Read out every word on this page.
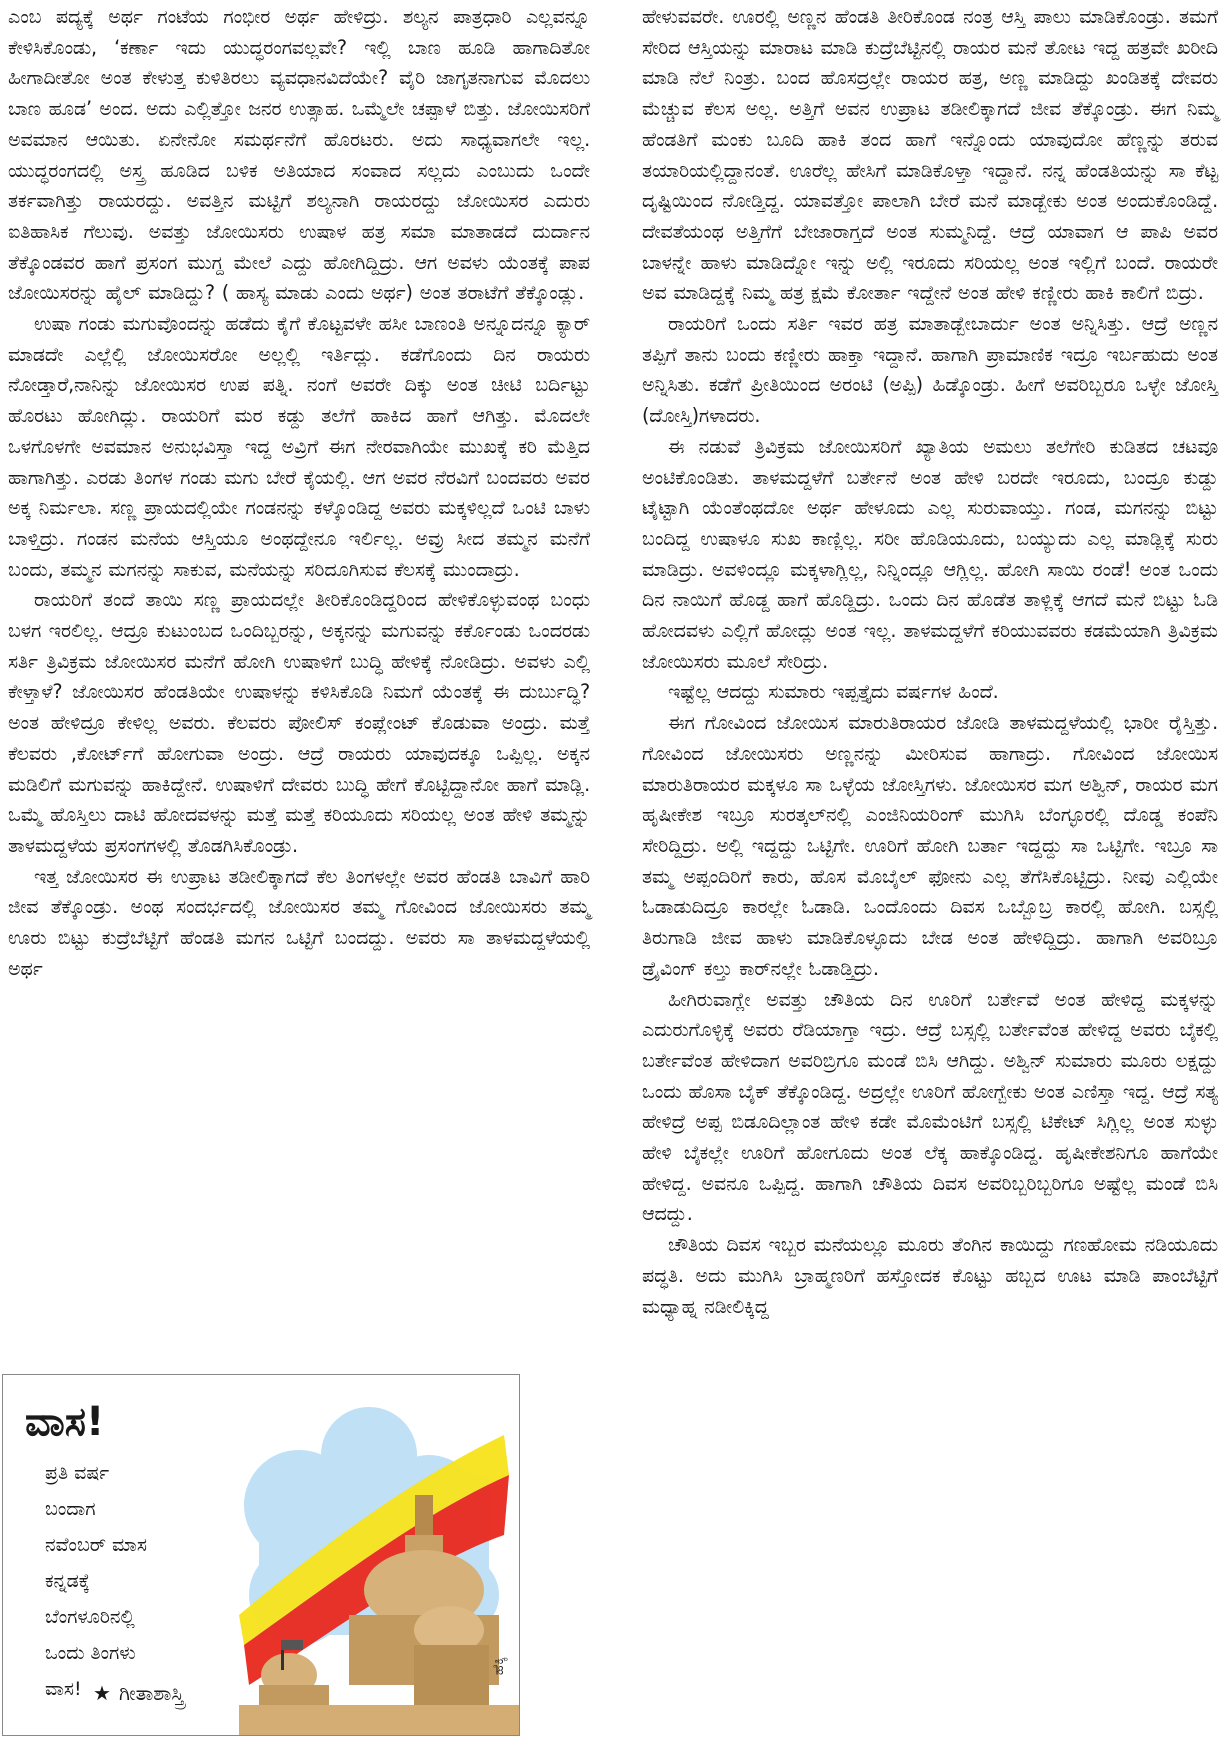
ಎಂಬ ಪದ್ಯಕ್ಕೆ ಅರ್ಥ ಗಂಟೆಯ ಗಂಭೀರ ಅರ್ಥ ಹೇಳಿದ್ರು. ಶಲ್ಯನ ಪಾತ್ರಧಾರಿ ಎಲ್ಲವನ್ನೂ ಕೇಳಿಸಿಕೊಂಡು, ‘ಕರ್ಣಾ ಇದು ಯುದ್ಧರಂಗವಲ್ಲವೇ? ಇಲ್ಲಿ ಬಾಣ ಹೂಡಿ ಹಾಗಾದಿತೋ ಹೀಗಾದೀತೋ ಅಂತ ಕೇಳುತ್ತ ಕುಳಿತಿರಲು ವ್ಯವಧಾನವಿದೆಯೇ? ವೈರಿ ಜಾಗೃತನಾಗುವ ಮೊದಲು ಬಾಣ ಹೂಡ’ ಅಂದ. ಅದು ಎಲ್ಲಿತ್ತೋ ಜನರ ಉತ್ಸಾಹ. ಒಮ್ಮೆಲೇ ಚಪ್ಪಾಳೆ ಬಿತ್ತು. ಜೋಯಿಸರಿಗೆ ಅವಮಾನ ಆಯಿತು. ಏನೇನೋ ಸಮರ್ಥನೆಗೆ ಹೊರಟರು. ಅದು ಸಾಧ್ಯವಾಗಲೇ ಇಲ್ಲ. ಯುದ್ಧರಂಗದಲ್ಲಿ ಅಸ್ತ್ರ ಹೂಡಿದ ಬಳಿಕ ಅತಿಯಾದ ಸಂವಾದ ಸಲ್ಲದು ಎಂಬುದು ಒಂದೇ ತರ್ಕವಾಗಿತ್ತು ರಾಯರದ್ದು. ಅವತ್ತಿನ ಮಟ್ಟಿಗೆ ಶಲ್ಯನಾಗಿ ರಾಯರದ್ದು ಜೋಯಿಸರ ಎದುರು ಐತಿಹಾಸಿಕ ಗೆಲುವು. ಅವತ್ತು ಜೋಯಿಸರು ಉಷಾಳ ಹತ್ರ ಸಮಾ ಮಾತಾಡದೆ ದುರ್ದಾನ ತೆಕ್ಕೊಂಡವರ ಹಾಗೆ ಪ್ರಸಂಗ ಮುಗ್ದ ಮೇಲೆ ಎದ್ದು ಹೋಗಿದ್ದಿದ್ರು. ಆಗ ಅವಳು ಯೆಂತಕ್ಕೆ ಪಾಪ ಜೋಯಿಸರನ್ನು ಹೈಲ್ ಮಾಡಿದ್ದು? ( ಹಾಸ್ಯ ಮಾಡು ಎಂದು ಅರ್ಥ) ಅಂತ ತರಾಟೆಗೆ ತೆಕ್ಕೊಂಡ್ಲು.

ಉಷಾ ಗಂಡು ಮಗುವೊಂದನ್ನು ಹಡೆದು ಕೈಗೆ ಕೊಟ್ಟವಳೇ ಹಸೀ ಬಾಣಂತಿ ಅನ್ನೂದನ್ನೂ ಕ್ಯಾರ್ ಮಾಡದೇ ಎಲ್ಲೆಲ್ಲಿ ಜೋಯಿಸರೋ ಅಲ್ಲಲ್ಲಿ ಇರ್ತಿದ್ಲು. ಕಡೆಗೊಂದು ದಿನ ರಾಯರು ನೋಡ್ತಾರೆ,ನಾನಿನ್ನು ಜೋಯಿಸರ ಉಪ ಪತ್ನಿ. ನಂಗೆ ಅವರೇ ದಿಕ್ಕು ಅಂತ ಚೀಟಿ ಬರ್ದಿಟ್ಟು ಹೊರಟು ಹೋಗಿದ್ಲು. ರಾಯರಿಗೆ ಮರ ಕಡ್ದು ತಲೆಗೆ ಹಾಕಿದ ಹಾಗೆ ಆಗಿತ್ತು. ಮೊದಲೇ ಒಳಗೊಳಗೇ ಅವಮಾನ ಅನುಭವಿಸ್ತಾ ಇದ್ದ ಅವ್ರಿಗೆ ಈಗ ನೇರವಾಗಿಯೇ ಮುಖಕ್ಕೆ ಕರಿ ಮೆತ್ತಿದ ಹಾಗಾಗಿತ್ತು. ಎರಡು ತಿಂಗಳ ಗಂಡು ಮಗು ಬೇರೆ ಕೈಯಲ್ಲಿ. ಆಗ ಅವರ ನೆರವಿಗೆ ಬಂದವರು ಅವರ ಅಕ್ಕ ನಿರ್ಮಲಾ. ಸಣ್ಣ ಪ್ರಾಯದಲ್ಲಿಯೇ ಗಂಡನನ್ನು ಕಳ್ಕೊಂಡಿದ್ದ ಅವರು ಮಕ್ಕಳಿಲ್ಲದೆ ಒಂಟಿ ಬಾಳು ಬಾಳ್ತಿದ್ರು. ಗಂಡನ ಮನೆಯ ಆಸ್ತಿಯೂ ಅಂಥದ್ದೇನೂ ಇರ್ಲಿಲ್ಲ. ಅವ್ರು ಸೀದ ತಮ್ಮನ ಮನೆಗೆ ಬಂದು, ತಮ್ಮನ ಮಗನನ್ನು ಸಾಕುವ, ಮನೆಯನ್ನು ಸರಿದೂಗಿಸುವ ಕೆಲಸಕ್ಕೆ ಮುಂದಾದ್ರು.

ರಾಯರಿಗೆ ತಂದೆ ತಾಯಿ ಸಣ್ಣ ಪ್ರಾಯದಲ್ಲೇ ತೀರಿಕೊಂಡಿದ್ದರಿಂದ ಹೇಳಿಕೊಳ್ಳುವಂಥ ಬಂಧು ಬಳಗ ಇರಲಿಲ್ಲ. ಆದ್ರೂ ಕುಟುಂಬದ ಒಂದಿಬ್ಬರನ್ನು, ಅಕ್ಕನನ್ನು ಮಗುವನ್ನು ಕರ್ಕೊಂಡು ಒಂದರಡು ಸರ್ತಿ ತ್ರಿವಿಕ್ರಮ ಜೋಯಿಸರ ಮನೆಗೆ ಹೋಗಿ ಉಷಾಳಿಗೆ ಬುದ್ಧಿ ಹೇಳಿಕ್ಕೆ ನೋಡಿದ್ರು. ಅವಳು ಎಲ್ಲಿ ಕೇಳ್ತಾಳೆ? ಜೋಯಿಸರ ಹೆಂಡತಿಯೇ ಉಷಾಳನ್ನು ಕಳಿಸಿಕೊಡಿ ನಿಮಗೆ ಯೆಂತಕ್ಕೆ ಈ ದುರ್ಬುದ್ಧಿ? ಅಂತ ಹೇಳಿದ್ರೂ ಕೇಳಿಲ್ಲ ಅವರು. ಕೆಲವರು ಪೋಲಿಸ್ ಕಂಪ್ಲೇಂಟ್ ಕೊಡುವಾ ಅಂದ್ರು. ಮತ್ತೆ ಕೆಲವರು ,ಕೋರ್ಟ್‌ಗೆ ಹೋಗುವಾ ಅಂದ್ರು. ಆದ್ರೆ ರಾಯರು ಯಾವುದಕ್ಕೂ ಒಪ್ಪಿಲ್ಲ. ಅಕ್ಕನ ಮಡಿಲಿಗೆ ಮಗುವನ್ನು ಹಾಕಿದ್ದೇನೆ. ಉಷಾಳಿಗೆ ದೇವರು ಬುದ್ಧಿ ಹೇಗೆ ಕೊಟ್ಟಿದ್ದಾನೋ ಹಾಗೆ ಮಾಡ್ಲಿ. ಒಮ್ಮೆ ಹೊಸ್ತಿಲು ದಾಟಿ ಹೋದವಳನ್ನು ಮತ್ತೆ ಮತ್ತೆ ಕರಿಯೂದು ಸರಿಯಲ್ಲ ಅಂತ ಹೇಳಿ ತಮ್ಮನ್ನು ತಾಳಮದ್ದಳೆಯ ಪ್ರಸಂಗಗಳಲ್ಲಿ ತೊಡಗಿಸಿಕೊಂಡ್ರು.

ಇತ್ತ ಜೋಯಿಸರ ಈ ಉಪ್ರಾಟ ತಡೀಲಿಕ್ಕಾಗದೆ ಕೆಲ ತಿಂಗಳಲ್ಲೇ ಅವರ ಹೆಂಡತಿ ಬಾವಿಗೆ ಹಾರಿ ಜೀವ ತೆಕ್ಕೊಂಡ್ರು. ಅಂಥ ಸಂದರ್ಭದಲ್ಲಿ ಜೋಯಿಸರ ತಮ್ಮ ಗೋವಿಂದ ಜೋಯಿಸರು ತಮ್ಮ ಊರು ಬಿಟ್ಟು ಕುದ್ರೆಬೆಟ್ಟಿಗೆ ಹೆಂಡತಿ ಮಗನ ಒಟ್ಟಿಗೆ ಬಂದದ್ದು. ಅವರು ಸಾ ತಾಳಮದ್ದಳೆಯಲ್ಲಿ ಅರ್ಥ

ವಾಸ!
ಪ್ರತಿ ವರ್ಷ
ಬಂದಾಗ
ನವೆಂಬರ್ ಮಾಸ
ಕನ್ನಡಕ್ಕೆ
ಬೆಂಗಳೂರಿನಲ್ಲಿ
ಒಂದು ತಿಂಗಳು
ವಾಸ! ★ ಗೀತಾಶಾಸ್ತ್ರಿ
ಹೆಕ್ಕಿ

ಹೇಳುವವರೇ. ಊರಲ್ಲಿ ಅಣ್ಣನ ಹೆಂಡತಿ ತೀರಿಕೊಂಡ ನಂತ್ರ ಆಸ್ತಿ ಪಾಲು ಮಾಡಿಕೊಂಡ್ರು. ತಮಗೆ ಸೇರಿದ ಆಸ್ತಿಯನ್ನು ಮಾರಾಟ ಮಾಡಿ ಕುದ್ರೆಬೆಟ್ಟಿನಲ್ಲಿ ರಾಯರ ಮನೆ ತೋಟ ಇದ್ದ ಹತ್ರವೇ ಖರೀದಿ ಮಾಡಿ ನೆಲೆ ನಿಂತ್ರು. ಬಂದ ಹೊಸದ್ರಲ್ಲೇ ರಾಯರ ಹತ್ರ, ಅಣ್ಣ ಮಾಡಿದ್ದು ಖಂಡಿತಕ್ಕೆ ದೇವರು ಮೆಚ್ಚುವ ಕೆಲಸ ಅಲ್ಲ. ಅತ್ತಿಗೆ ಅವನ ಉಪ್ರಾಟ ತಡೀಲಿಕ್ಕಾಗದೆ ಜೀವ ತೆಕ್ಕೊಂಡ್ರು. ಈಗ ನಿಮ್ಮ ಹೆಂಡತಿಗೆ ಮಂಕು ಬೂದಿ ಹಾಕಿ ತಂದ ಹಾಗೆ ಇನ್ನೊಂದು ಯಾವುದೋ ಹೆಣ್ಣನ್ನು ತರುವ ತಯಾರಿಯಲ್ಲಿದ್ದಾನಂತೆ. ಊರೆಲ್ಲ ಹೇಸಿಗೆ ಮಾಡಿಕೊಳ್ತಾ ಇದ್ದಾನೆ. ನನ್ನ ಹೆಂಡತಿಯನ್ನು ಸಾ ಕೆಟ್ಟ ದೃಷ್ಟಿಯಿಂದ ನೋಡ್ತಿದ್ದ. ಯಾವತ್ತೋ ಪಾಲಾಗಿ ಬೇರೆ ಮನೆ ಮಾಡ್ಬೇಕು ಅಂತ ಅಂದುಕೊಂಡಿದ್ದೆ. ದೇವತೆಯಂಥ ಅತ್ತಿಗೆಗೆ ಬೇಜಾರಾಗ್ತದೆ ಅಂತ ಸುಮ್ಮನಿದ್ದೆ. ಆದ್ರೆ ಯಾವಾಗ ಆ ಪಾಪಿ ಅವರ ಬಾಳನ್ನೇ ಹಾಳು ಮಾಡಿದ್ನೋ ಇನ್ನು ಅಲ್ಲಿ ಇರೂದು ಸರಿಯಲ್ಲ ಅಂತ ಇಲ್ಲಿಗೆ ಬಂದೆ. ರಾಯರೇ ಅವ ಮಾಡಿದ್ದಕ್ಕೆ ನಿಮ್ಮ ಹತ್ರ ಕ್ಷಮೆ ಕೋರ್ತಾ ಇದ್ದೇನೆ ಅಂತ ಹೇಳಿ ಕಣ್ಣೀರು ಹಾಕಿ ಕಾಲಿಗೆ ಬಿದ್ರು.

ರಾಯರಿಗೆ ಒಂದು ಸರ್ತಿ ಇವರ ಹತ್ರ ಮಾತಾಡ್ಬೇಬಾರ್ದು ಅಂತ ಅನ್ನಿಸಿತ್ತು. ಆದ್ರೆ ಅಣ್ಣನ ತಪ್ಪಿಗೆ ತಾನು ಬಂದು ಕಣ್ಣೀರು ಹಾಕ್ತಾ ಇದ್ದಾನೆ. ಹಾಗಾಗಿ ಪ್ರಾಮಾಣಿಕ ಇದ್ರೂ ಇರ್ಬಹುದು ಅಂತ ಅನ್ನಿಸಿತು. ಕಡೆಗೆ ಪ್ರೀತಿಯಿಂದ ಅರಂಟಿ (ಅಪ್ಪಿ) ಹಿಡ್ಕೊಂಡ್ರು. ಹೀಗೆ ಅವರಿಬ್ಬರೂ ಒಳ್ಳೇ ಜೋಸ್ತಿ (ದೋಸ್ತಿ)ಗಳಾದರು.

ಈ ನಡುವೆ ತ್ರಿವಿಕ್ರಮ ಜೋಯಿಸರಿಗೆ ಖ್ಯಾತಿಯ ಅಮಲು ತಲೆಗೇರಿ ಕುಡಿತದ ಚಟವೂ ಅಂಟಿಕೊಂಡಿತು. ತಾಳಮದ್ದಳೆಗೆ ಬರ್ತೇನೆ ಅಂತ ಹೇಳಿ ಬರದೇ ಇರೂದು, ಬಂದ್ರೂ ಕುಡ್ದು ಟೈಟ್ಟಾಗಿ ಯೆಂತೆಂಥದೋ ಅರ್ಥ ಹೇಳೂದು ಎಲ್ಲ ಸುರುವಾಯ್ತು. ಗಂಡ, ಮಗನನ್ನು ಬಿಟ್ಟು ಬಂದಿದ್ದ ಉಷಾಳೂ ಸುಖ ಕಾಣ್ಲಿಲ್ಲ. ಸರೀ ಹೊಡಿಯೂದು, ಬಯ್ಯುದು ಎಲ್ಲ ಮಾಡ್ಲಿಕ್ಕೆ ಸುರು ಮಾಡಿದ್ರು. ಅವಳಿಂದ್ಲೂ ಮಕ್ಕಳಾಗ್ಲಿಲ್ಲ, ನಿನ್ನಿಂದ್ಲೂ ಆಗ್ಲಿಲ್ಲ. ಹೋಗಿ ಸಾಯಿ ರಂಡೆ! ಅಂತ ಒಂದು ದಿನ ನಾಯಿಗೆ ಹೊಡ್ದ ಹಾಗೆ ಹೊಡ್ದಿದ್ರು. ಒಂದು ದಿನ ಹೊಡೆತ ತಾಳ್ಲಿಕ್ಕೆ ಆಗದೆ ಮನೆ ಬಿಟ್ಟು ಓಡಿ ಹೋದವಳು ಎಲ್ಲಿಗೆ ಹೋದ್ಲು ಅಂತ ಇಲ್ಲ. ತಾಳಮದ್ದಳೆಗೆ ಕರಿಯುವವರು ಕಡಮೆಯಾಗಿ ತ್ರಿವಿಕ್ರಮ ಜೋಯಿಸರು ಮೂಲೆ ಸೇರಿದ್ರು.

ಇಷ್ಟೆಲ್ಲ ಆದದ್ದು ಸುಮಾರು ಇಪ್ಪತ್ತೈದು ವರ್ಷಗಳ ಹಿಂದೆ.

ಈಗ ಗೋವಿಂದ ಜೋಯಿಸ ಮಾರುತಿರಾಯರ ಜೋಡಿ ತಾಳಮದ್ದಳೆಯಲ್ಲಿ ಭಾರೀ ರೈಸ್ತಿತ್ತು. ಗೋವಿಂದ ಜೋಯಿಸರು ಅಣ್ಣನನ್ನು ಮೀರಿಸುವ ಹಾಗಾದ್ರು. ಗೋವಿಂದ ಜೋಯಿಸ ಮಾರುತಿರಾಯರ ಮಕ್ಕಳೂ ಸಾ ಒಳ್ಳೆಯ ಜೋಸ್ತಿಗಳು. ಜೋಯಿಸರ ಮಗ ಅಶ್ವಿನ್, ರಾಯರ ಮಗ ಹೃಷೀಕೇಶ ಇಬ್ರೂ ಸುರತ್ಕಲ್‌ನಲ್ಲಿ ಎಂಜಿನಿಯರಿಂಗ್ ಮುಗಿಸಿ ಬೆಂಗ್ಳೂರಲ್ಲಿ ದೊಡ್ಡ ಕಂಪೆನಿ ಸೇರಿದ್ದಿದ್ರು. ಅಲ್ಲಿ ಇದ್ದದ್ದು ಒಟ್ಟಿಗೇ. ಊರಿಗೆ ಹೋಗಿ ಬರ್ತಾ ಇದ್ದದ್ದು ಸಾ ಒಟ್ಟಿಗೇ. ಇಬ್ರೂ ಸಾ ತಮ್ಮ ಅಪ್ಪಂದಿರಿಗೆ ಕಾರು, ಹೊಸ ಮೊಬೈಲ್ ಫೋನು ಎಲ್ಲ ತೆಗೆಸಿಕೊಟ್ಟಿದ್ರು. ನೀವು ಎಲ್ಲಿಯೇ ಓಡಾಡುದಿದ್ರೂ ಕಾರಲ್ಲೇ ಓಡಾಡಿ. ಒಂದೊಂದು ದಿವಸ ಒಬ್ಬೊಬ್ರ ಕಾರಲ್ಲಿ ಹೋಗಿ. ಬಸ್ಸಲ್ಲಿ ತಿರುಗಾಡಿ ಜೀವ ಹಾಳು ಮಾಡಿಕೊಳ್ಳೂದು ಬೇಡ ಅಂತ ಹೇಳಿದ್ದಿದ್ರು. ಹಾಗಾಗಿ ಅವರಿಬ್ರೂ ಡ್ರೈವಿಂಗ್ ಕಲ್ತು ಕಾರ್‌ನಲ್ಲೇ ಓಡಾಡ್ತಿದ್ರು.

ಹೀಗಿರುವಾಗ್ಲೇ ಅವತ್ತು ಚೌತಿಯ ದಿನ ಊರಿಗೆ ಬರ್ತೇವೆ ಅಂತ ಹೇಳಿದ್ದ ಮಕ್ಕಳನ್ನು ಎದುರುಗೊಳ್ಳಿಕ್ಕೆ ಅವರು ರೆಡಿಯಾಗ್ತಾ ಇದ್ರು. ಆದ್ರೆ ಬಸ್ಸಲ್ಲಿ ಬರ್ತೇವೆಂತ ಹೇಳಿದ್ದ ಅವರು ಬೈಕಲ್ಲಿ ಬರ್ತೇವೆಂತ ಹೇಳಿದಾಗ ಅವರಿಬ್ರಿಗೂ ಮಂಡೆ ಬಿಸಿ ಆಗಿದ್ದು. ಅಶ್ವಿನ್ ಸುಮಾರು ಮೂರು ಲಕ್ಷದ್ದು ಒಂದು ಹೊಸಾ ಬೈಕ್ ತೆಕ್ಕೊಂಡಿದ್ದ. ಅದ್ರಲ್ಲೇ ಊರಿಗೆ ಹೋಗ್ಬೇಕು ಅಂತ ಎಣಿಸ್ತಾ ಇದ್ದ. ಆದ್ರೆ ಸತ್ಯ ಹೇಳಿದ್ರೆ ಅಪ್ಪ ಬಿಡೂದಿಲ್ಲಾಂತ ಹೇಳಿ ಕಡೇ ಮೊಮೆಂಟಿಗೆ ಬಸ್ಸಲ್ಲಿ ಟಿಕೇಟ್ ಸಿಗ್ಲಿಲ್ಲ ಅಂತ ಸುಳ್ಳು ಹೇಳಿ ಬೈಕಲ್ಲೇ ಊರಿಗೆ ಹೋಗೂದು ಅಂತ ಲೆಕ್ಕ ಹಾಕ್ಕೊಂಡಿದ್ದ. ಹೃಷೀಕೇಶನಿಗೂ ಹಾಗೆಯೇ ಹೇಳಿದ್ದ. ಅವನೂ ಒಪ್ಪಿದ್ದ. ಹಾಗಾಗಿ ಚೌತಿಯ ದಿವಸ ಅವರಿಬ್ಬರಿಬ್ಬರಿಗೂ ಅಷ್ಟೆಲ್ಲ ಮಂಡೆ ಬಿಸಿ ಆದದ್ದು.

ಚೌತಿಯ ದಿವಸ ಇಬ್ಬರ ಮನೆಯಲ್ಲೂ ಮೂರು ತೆಂಗಿನ ಕಾಯಿದ್ದು ಗಣಹೋಮ ನಡಿಯೂದು ಪದ್ಧತಿ. ಅದು ಮುಗಿಸಿ ಬ್ರಾಹ್ಮಣರಿಗೆ ಹಸ್ತೋದಕ ಕೊಟ್ಟು ಹಬ್ಬದ ಊಟ ಮಾಡಿ ಪಾಂಬೆಟ್ಟಿಗೆ ಮಧ್ಯಾಹ್ನ ನಡೀಲಿಕ್ಕಿದ್ದ
